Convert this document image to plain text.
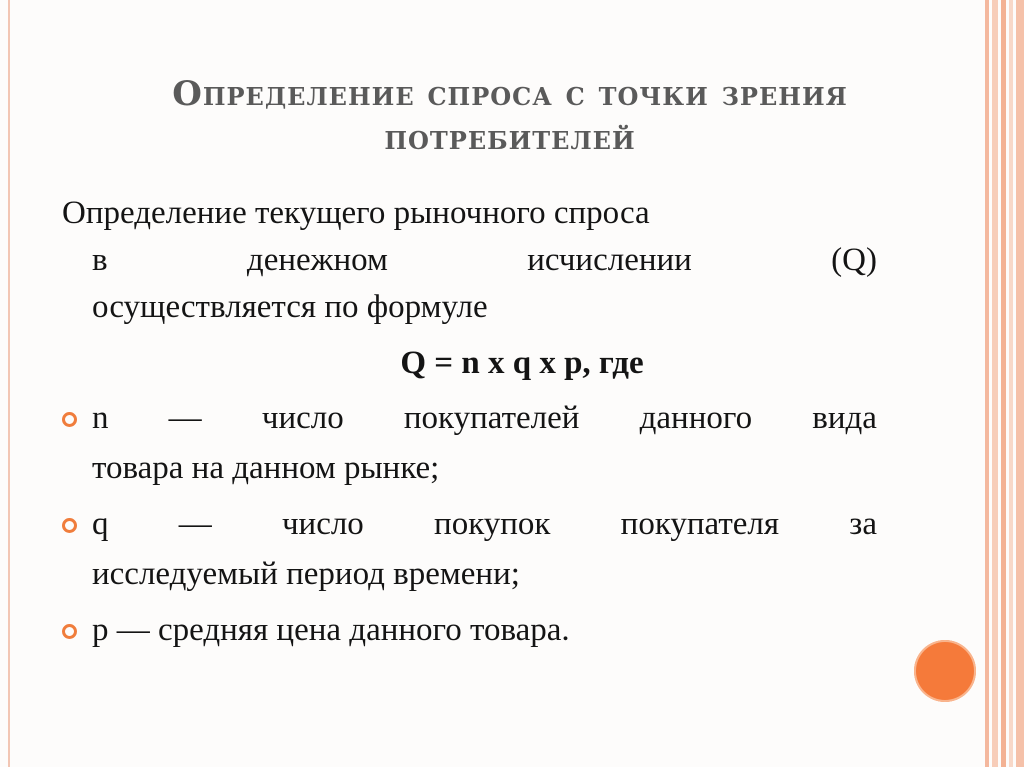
Определение спроса с точки зрения
потребителей
Определение текущего рыночного спроса
в	денежном	исчислении	(Q)
осуществляется по формуле
Q = n x q x p, где
n — число покупателей данного вида
товара на данном рынке;
q — число покупок покупателя за
исследуемый период времени;
p — средняя цена данного товара.
